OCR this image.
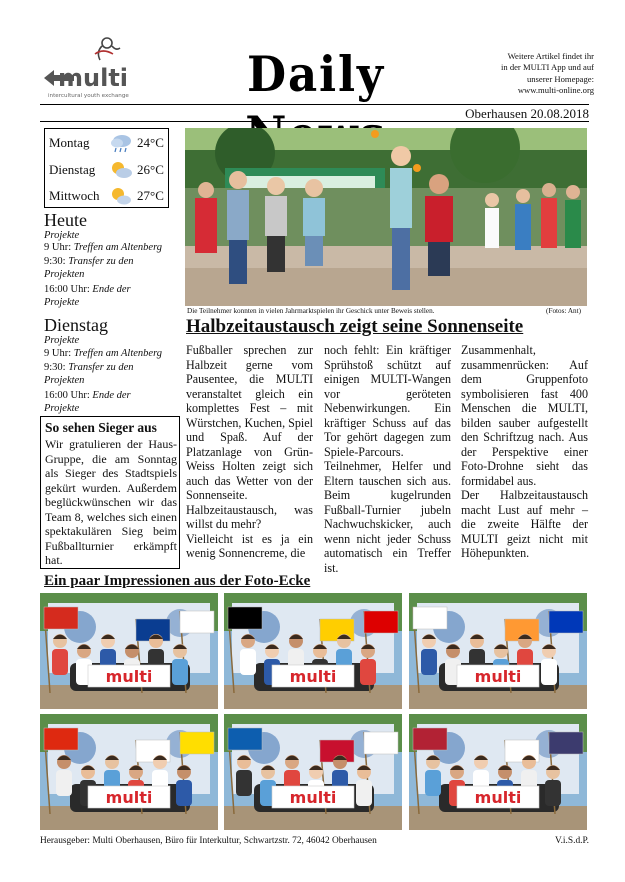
multi
intercultural youth exchange	Daily	Weitere Artikel findet ihr
in der MULTI App und auf
unserer Homepage:
www.multi-online.org
Oberhausen 20.08.2018
Montag	24°C
Dienstag	26°C
Mittwoch	27°C
Heute
Projekte
9 Uhr: Treffen am Altenberg
9:30: Transfer zu den
Projekten
16:00 Uhr: Ende der
Projekte
Dienstag
Projekte
9 Uhr: Treffen am Altenberg
9:30: Transfer zu den
Projekten
16:00 Uhr: Ende der
Projekte
So sehen Sieger aus
Wir gratulieren der Haus-Gruppe, die am Sonntag als Sieger des Stadtspiels gekürt wurden. Außerdem beglückwünschen wir das Team 8, welches sich einen spektakulären Sieg beim Fußballturnier erkämpft hat.
Die Teilnehmer konnten in vielen Jahrmarktspielen ihr Geschick unter Beweis stellen.	(Fotos: Ant)
Halbzeitaustausch zeigt seine Sonnenseite

Fußballer sprechen zur Halbzeit gerne vom Pausentee, die MULTI veranstaltet gleich ein komplettes Fest – mit Würstchen, Kuchen, Spiel und Spaß. Auf der Platzanlage von Grün-Weiss Holten zeigt sich auch das Wetter von der Sonnenseite. Halbzeitaustausch, was willst du mehr?

Vielleicht ist es ja ein wenig Sonnencreme, die

noch fehlt: Ein kräftiger Sprühstoß schützt auf einigen MULTI-Wangen vor geröteten Nebenwirkungen. Ein kräftiger Schuss auf das Tor gehört dagegen zum Spiele-Parcours. Teilnehmer, Helfer und Eltern tauschen sich aus. Beim kugelrunden Fußball-Turnier jubeln Nachwuchskicker, auch wenn nicht jeder Schuss automatisch ein Treffer ist.

Zusammenhalt, zusammenrücken: Auf dem Gruppenfoto symbolisieren fast 400 Menschen die MULTI, bilden sauber aufgestellt den Schriftzug nach. Aus der Perspektive einer Foto-Drohne sieht das formidabel aus.

Der Halbzeitaustausch macht Lust auf mehr – die zweite Hälfte der MULTI geizt nicht mit Höhepunkten.

Ein paar Impressionen aus der Foto-Ecke
multi	multi	multi
multi	multi	multi
Herausgeber: Multi Oberhausen, Büro für Interkultur, Schwartzstr. 72, 46042 Oberhausen	V.i.S.d.P.
